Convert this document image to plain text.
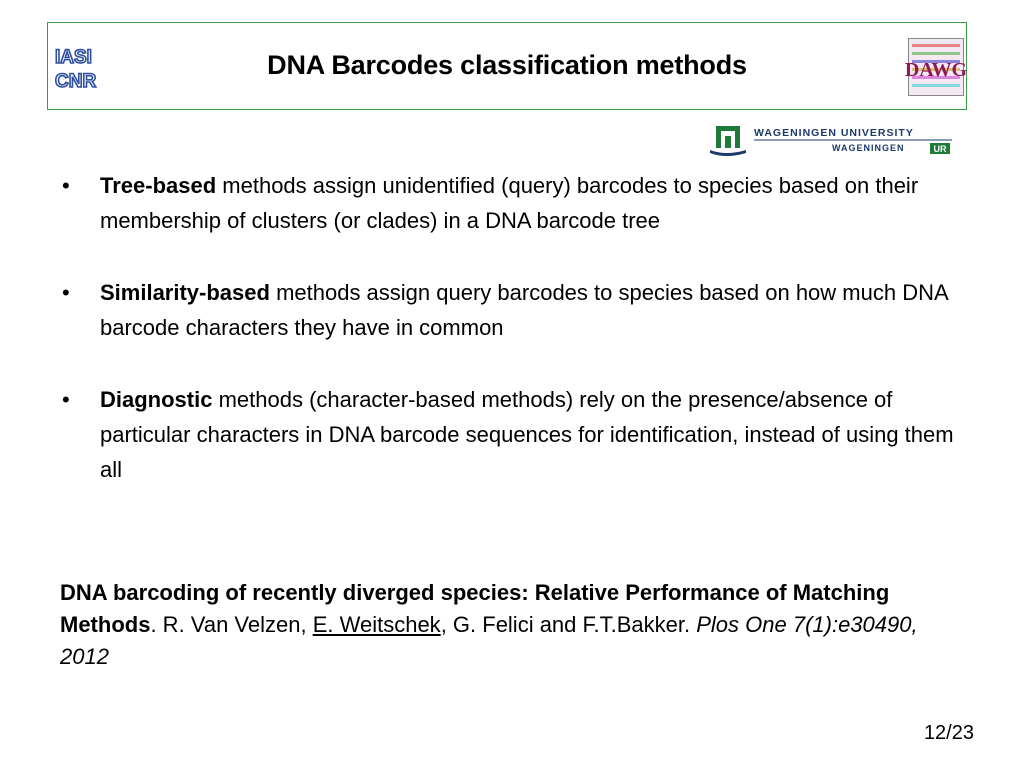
IASI
CNR
DNA Barcodes classification methods	DAWG
WAGENINGEN UNIVERSITY
WAGENINGEN	UR
• Tree-based methods assign unidentified (query) barcodes to species based on their membership of clusters (or clades) in a DNA barcode tree
• Similarity-based methods assign query barcodes to species based on how much DNA barcode characters they have in common
• Diagnostic methods (character-based methods) rely on the presence/absence of particular characters in DNA barcode sequences for identification, instead of using them all
DNA barcoding of recently diverged species: Relative Performance of Matching Methods. R. Van Velzen, E. Weitschek, G. Felici and F.T.Bakker. Plos One 7(1):e30490, 2012
12/23
